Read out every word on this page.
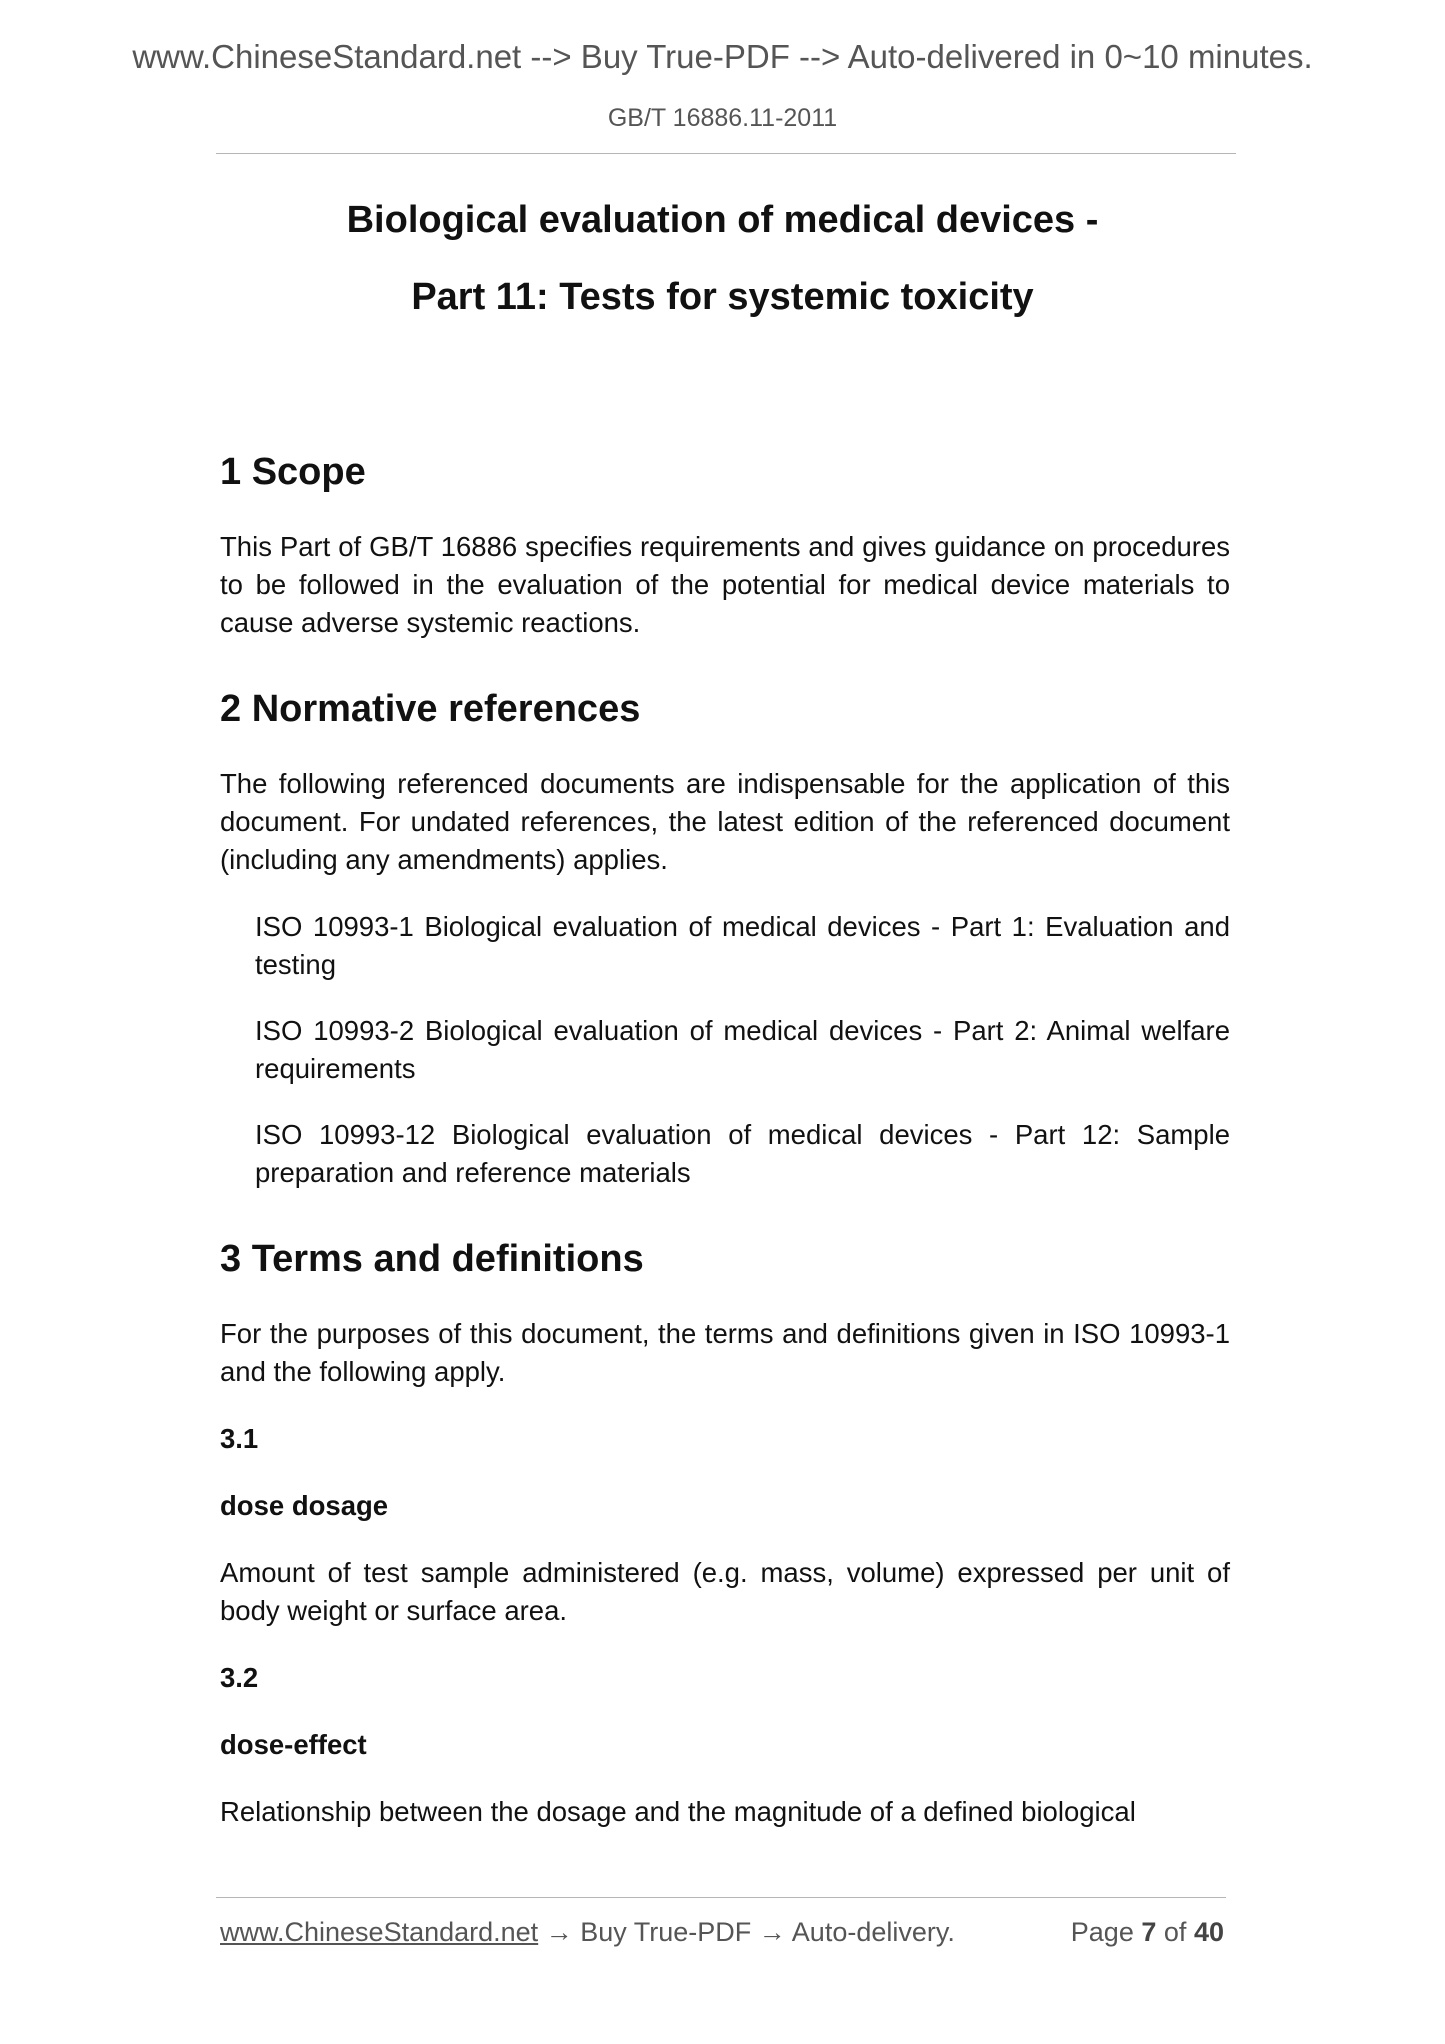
www.ChineseStandard.net --> Buy True-PDF --> Auto-delivered in 0~10 minutes.
GB/T 16886.11-2011
Biological evaluation of medical devices -
Part 11: Tests for systemic toxicity
1 Scope

This Part of GB/T 16886 specifies requirements and gives guidance on procedures to be followed in the evaluation of the potential for medical device materials to cause adverse systemic reactions.

2 Normative references

The following referenced documents are indispensable for the application of this document. For undated references, the latest edition of the referenced document (including any amendments) applies.

ISO 10993-1 Biological evaluation of medical devices - Part 1: Evaluation and testing

ISO 10993-2 Biological evaluation of medical devices - Part 2: Animal welfare requirements

ISO 10993-12 Biological evaluation of medical devices - Part 12: Sample preparation and reference materials

3 Terms and definitions

For the purposes of this document, the terms and definitions given in ISO 10993-1 and the following apply.

3.1

dose dosage

Amount of test sample administered (e.g. mass, volume) expressed per unit of body weight or surface area.

3.2

dose-effect

Relationship between the dosage and the magnitude of a defined biological

www.ChineseStandard.net → Buy True-PDF → Auto-delivery.	Page 7 of 40
